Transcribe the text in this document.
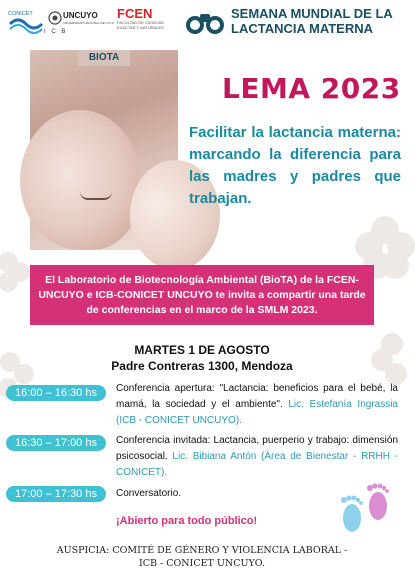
CONICET	UNCUYO
UNIVERSIDAD NACIONAL DE CUYO
I C B
FCEN
FACULTAD DE CIENCIAS EXACTAS Y NATURALES
SEMANA MUNDIAL DE LA LACTANCIA MATERNA
BIOTA
LEMA 2023
Facilitar la lactancia materna: marcando la diferencia para las madres y padres que trabajan.
El Laboratorio de Biotecnología Ambiental (BioTA) de la FCEN-UNCUYO e ICB-CONICET UNCUYO te invita a compartir una tarde de conferencias en el marco de la SMLM 2023.
MARTES 1 DE AGOSTO
Padre Contreras 1300, Mendoza
16:00 – 16:30 hs	Conferencia apertura: "Lactancia: beneficios para el bebé, la mamá, la sociedad y el ambiente". Lic. Estefanía Ingrassia (ICB - CONICET UNCUYO).
16:30 – 17:00 hs	Conferencia invitada: Lactancia, puerperio y trabajo: dimensión psicosocial. Lic. Bibiana Antón (Área de Bienestar - RRHH - CONICET).
17:00 – 17:30 hs	Conversatorio.
¡Abierto para todo público!
AUSPICIA: COMITÉ DE GÉNERO Y VIOLENCIA LABORAL -
ICB - CONICET UNCUYO.
